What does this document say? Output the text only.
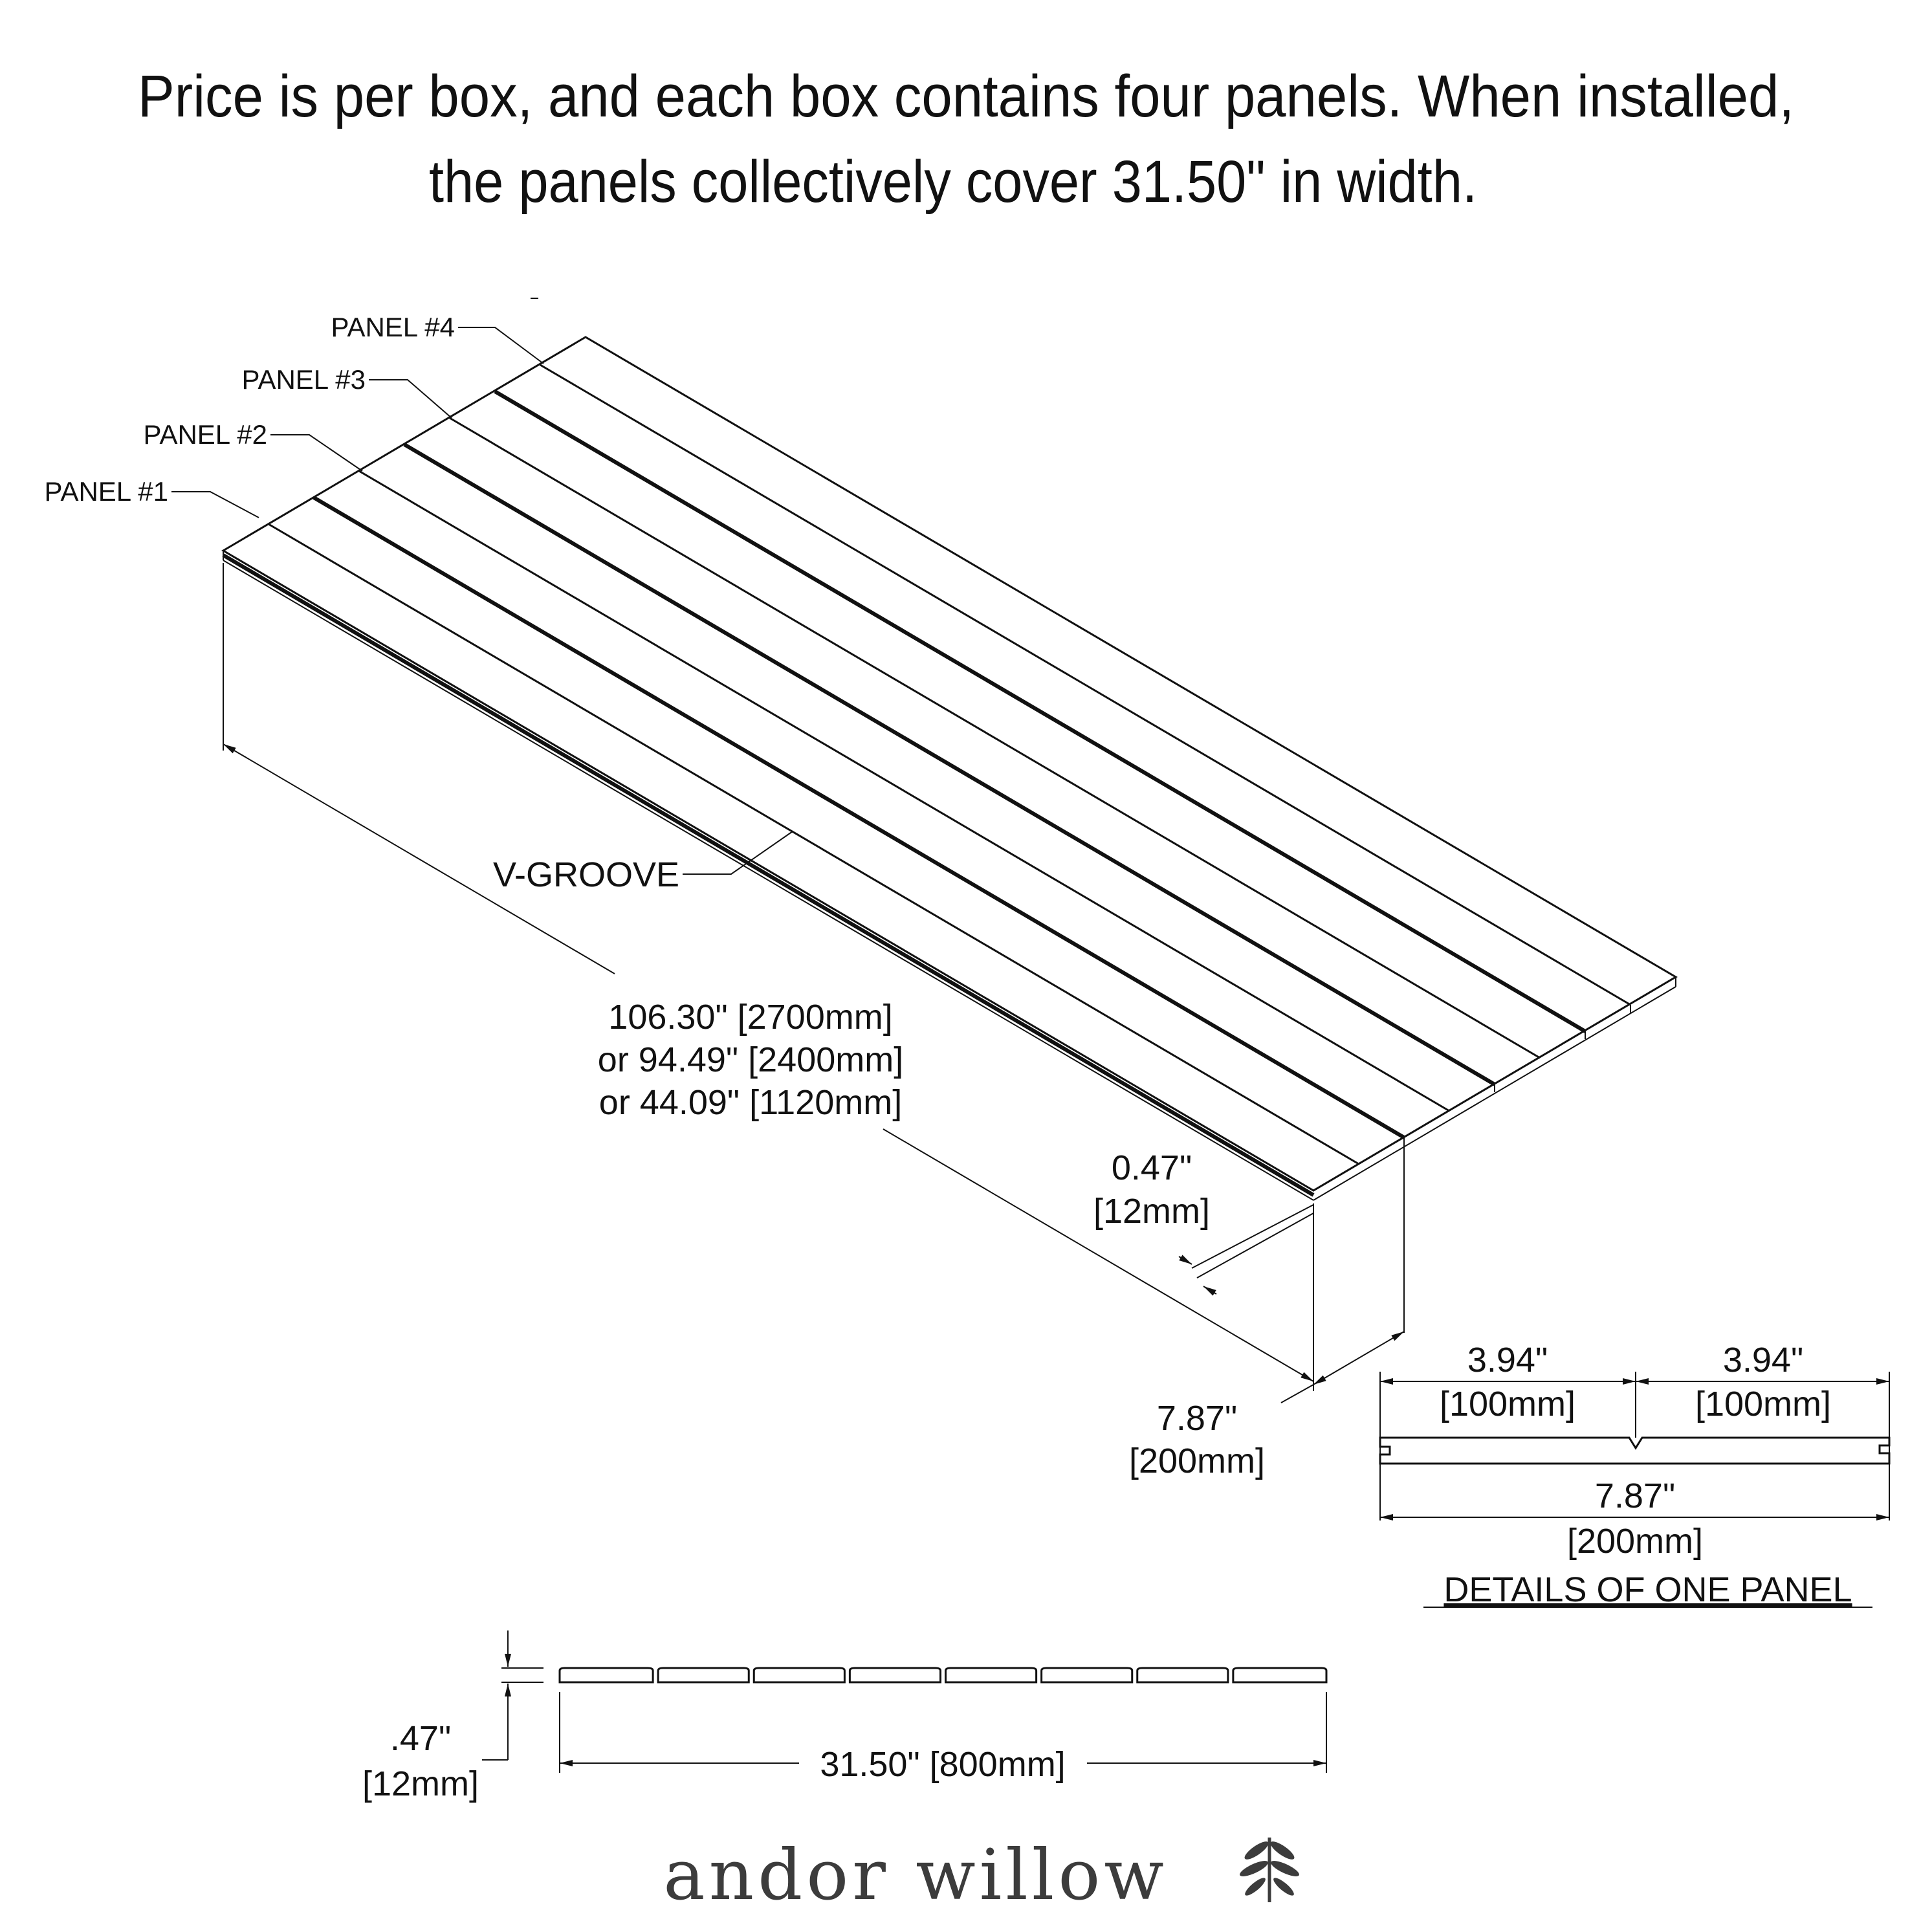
Price is per box, and each box contains four panels. When installed,
the panels collectively cover 31.50" in width.
PANEL #1
PANEL #2
PANEL #3
PANEL #4
V-GROOVE
106.30" [2700mm]
or 94.49" [2400mm]
or 44.09" [1120mm]
0.47"
[12mm]
7.87"
[200mm]
3.94"
[100mm]
3.94"
[100mm]
7.87"
[200mm]
DETAILS OF ONE PANEL
.47"
[12mm]	31.50" [800mm]
andor willow
